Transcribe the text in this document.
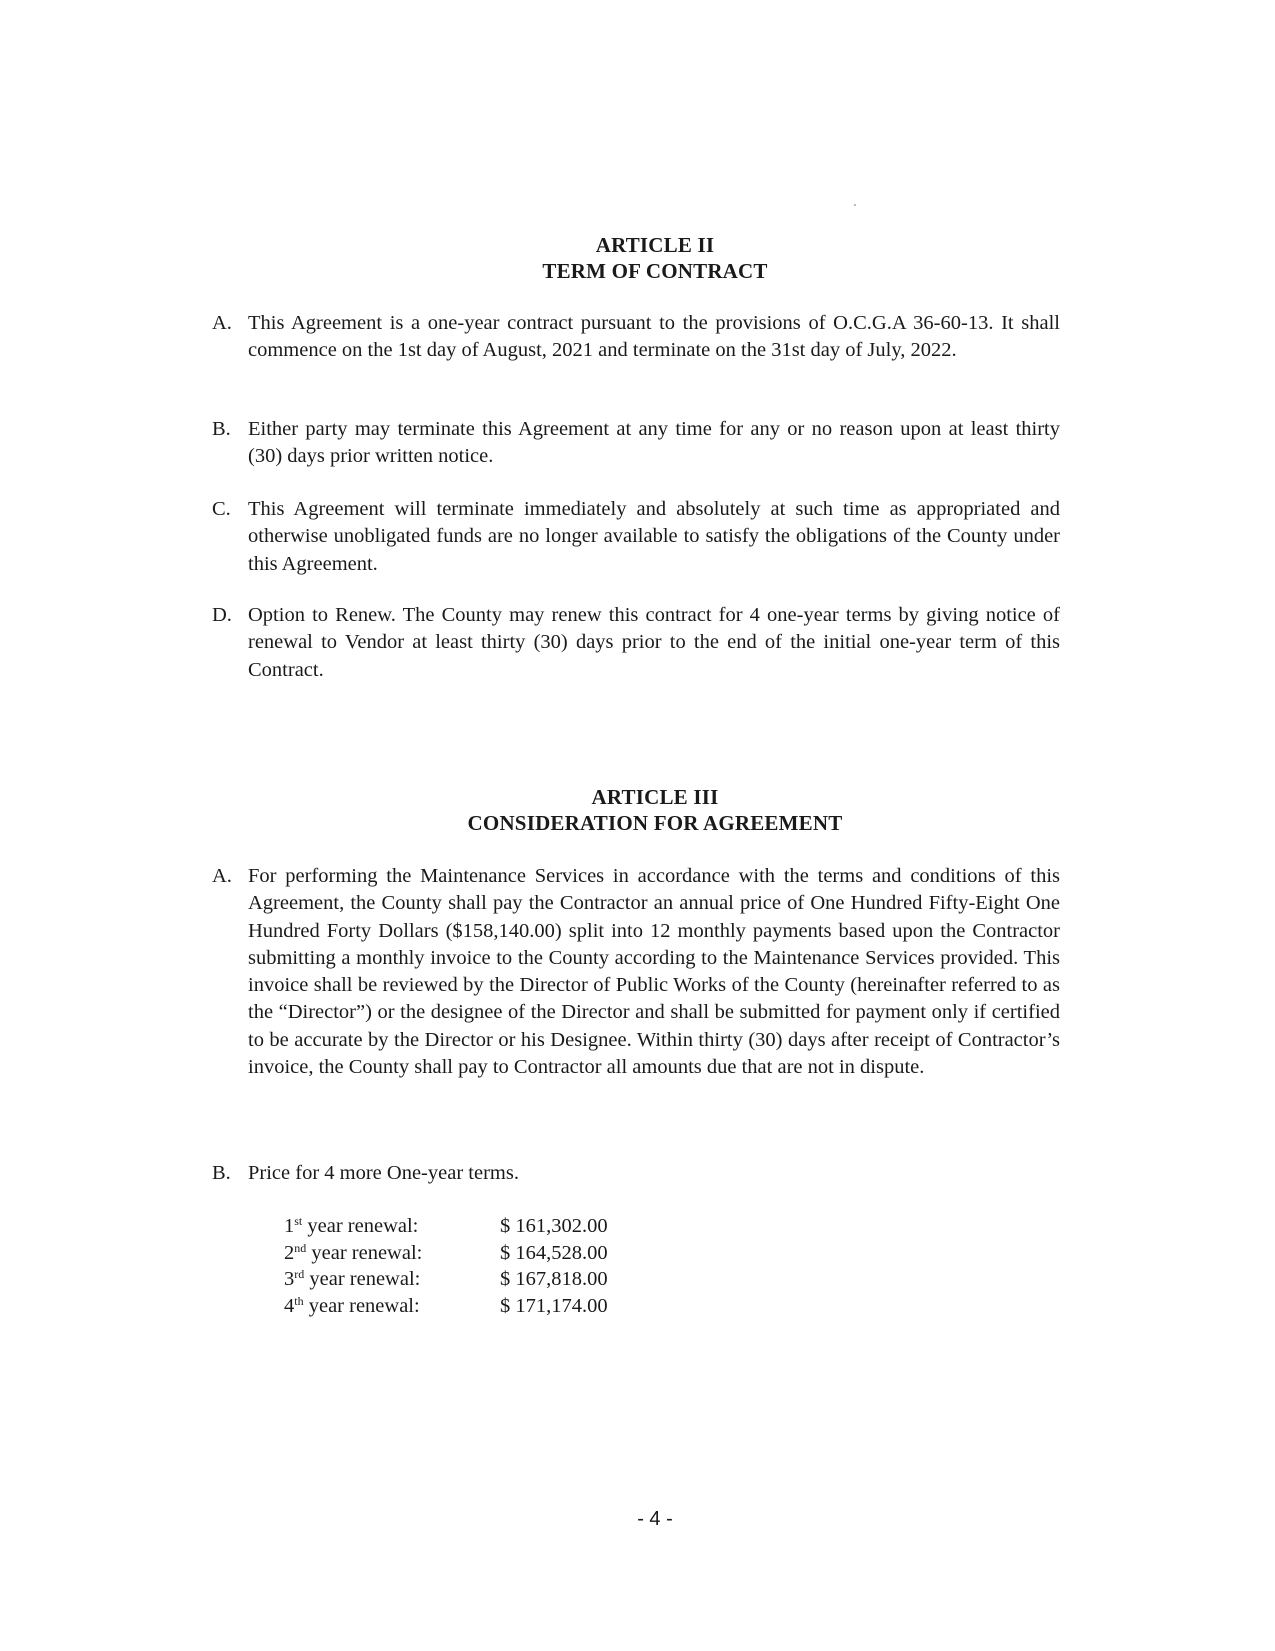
ARTICLE II
TERM OF CONTRACT
A. This Agreement is a one-year contract pursuant to the provisions of O.C.G.A 36-60-13. It shall commence on the 1st day of August, 2021 and terminate on the 31st day of July, 2022.
B. Either party may terminate this Agreement at any time for any or no reason upon at least thirty (30) days prior written notice.
C. This Agreement will terminate immediately and absolutely at such time as appropriated and otherwise unobligated funds are no longer available to satisfy the obligations of the County under this Agreement.
D. Option to Renew. The County may renew this contract for 4 one-year terms by giving notice of renewal to Vendor at least thirty (30) days prior to the end of the initial one-year term of this Contract.
ARTICLE III
CONSIDERATION FOR AGREEMENT
A. For performing the Maintenance Services in accordance with the terms and conditions of this Agreement, the County shall pay the Contractor an annual price of One Hundred Fifty-Eight One Hundred Forty Dollars ($158,140.00) split into 12 monthly payments based upon the Contractor submitting a monthly invoice to the County according to the Maintenance Services provided. This invoice shall be reviewed by the Director of Public Works of the County (hereinafter referred to as the “Director”) or the designee of the Director and shall be submitted for payment only if certified to be accurate by the Director or his Designee. Within thirty (30) days after receipt of Contractor’s invoice, the County shall pay to Contractor all amounts due that are not in dispute.
B. Price for 4 more One-year terms.
1st year renewal:	$ 161,302.00
2nd year renewal:	$ 164,528.00
3rd year renewal:	$ 167,818.00
4th year renewal:	$ 171,174.00
- 4 -
